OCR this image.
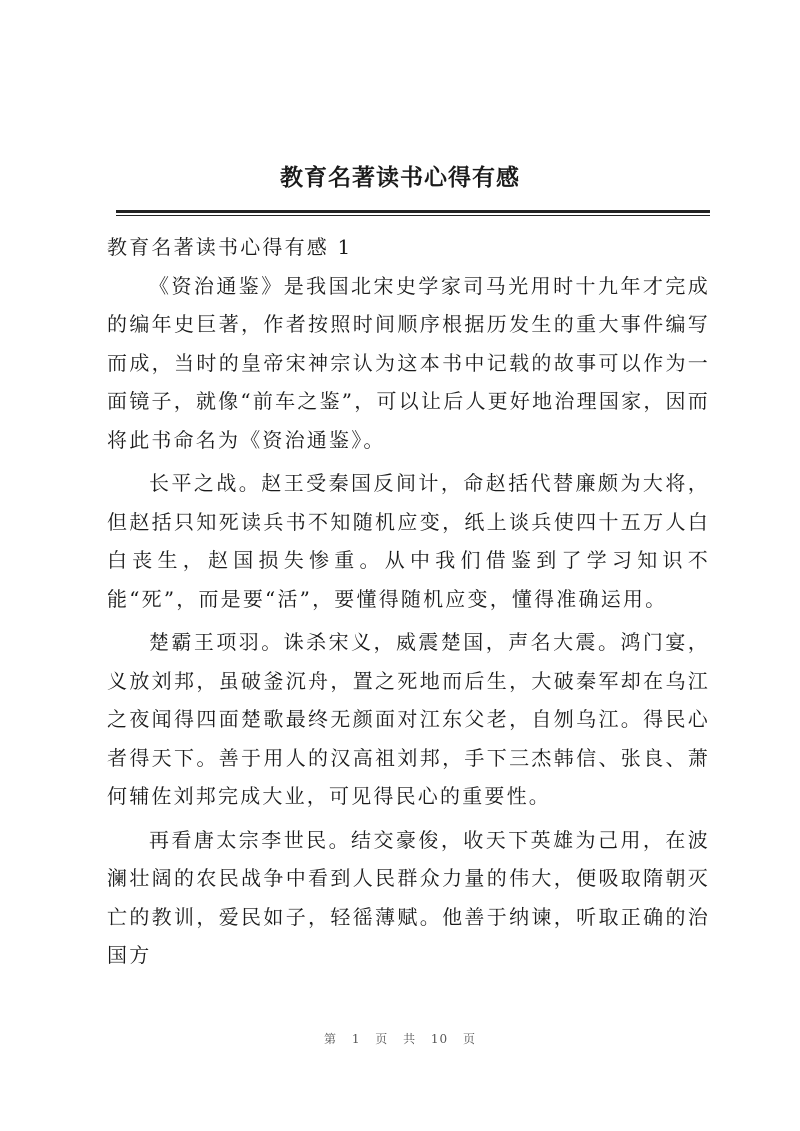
教育名著读书心得有感

教育名著读书心得有感 1

《资治通鉴》是我国北宋史学家司马光用时十九年才完成的编年史巨著，作者按照时间顺序根据历发生的重大事件编写而成，当时的皇帝宋神宗认为这本书中记载的故事可以作为一面镜子，就像“前车之鉴”，可以让后人更好地治理国家，因而将此书命名为《资治通鉴》。

长平之战。赵王受秦国反间计，命赵括代替廉颇为大将，但赵括只知死读兵书不知随机应变，纸上谈兵使四十五万人白白丧生，赵国损失惨重。从中我们借鉴到了学习知识不能“死”，而是要“活”，要懂得随机应变，懂得准确运用。

楚霸王项羽。诛杀宋义，威震楚国，声名大震。鸿门宴，义放刘邦，虽破釜沉舟，置之死地而后生，大破秦军却在乌江之夜闻得四面楚歌最终无颜面对江东父老，自刎乌江。得民心者得天下。善于用人的汉高祖刘邦，手下三杰韩信、张良、萧何辅佐刘邦完成大业，可见得民心的重要性。

再看唐太宗李世民。结交豪俊，收天下英雄为己用，在波澜壮阔的农民战争中看到人民群众力量的伟大，便吸取隋朝灭亡的教训，爱民如子，轻徭薄赋。他善于纳谏，听取正确的治国方

第 1 页 共 10 页
